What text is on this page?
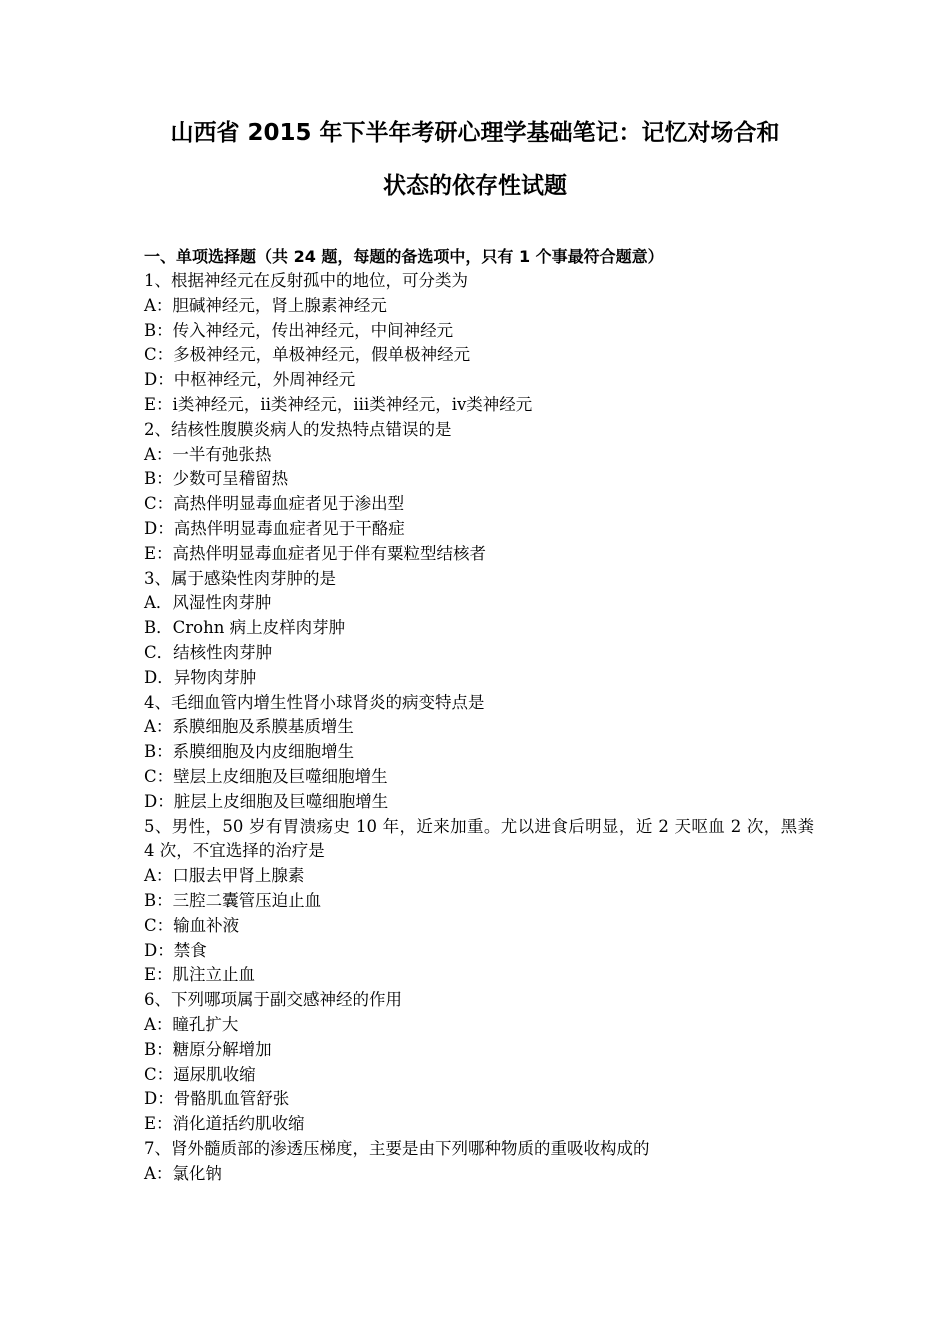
山西省 2015 年下半年考研心理学基础笔记：记忆对场合和
状态的依存性试题
一、单项选择题（共 24 题，每题的备选项中，只有 1 个事最符合题意）
1、根据神经元在反射孤中的地位，可分类为
A：胆碱神经元，肾上腺素神经元
B：传入神经元，传出神经元，中间神经元
C：多极神经元，单极神经元，假单极神经元
D：中枢神经元，外周神经元
E：ⅰ类神经元，ⅱ类神经元，ⅲ类神经元，ⅳ类神经元
2、结核性腹膜炎病人的发热特点错误的是
A：一半有弛张热
B：少数可呈稽留热
C：高热伴明显毒血症者见于渗出型
D：高热伴明显毒血症者见于干酪症
E：高热伴明显毒血症者见于伴有粟粒型结核者
3、属于感染性肉芽肿的是
A．风湿性肉芽肿
B．Crohn 病上皮样肉芽肿
C．结核性肉芽肿
D．异物肉芽肿
4、毛细血管内增生性肾小球肾炎的病变特点是
A：系膜细胞及系膜基质增生
B：系膜细胞及内皮细胞增生
C：壁层上皮细胞及巨噬细胞增生
D：脏层上皮细胞及巨噬细胞增生
5、男性，50 岁有胃溃疡史 10 年，近来加重。尤以进食后明显，近 2 天呕血 2 次，黑粪 4 次，不宜选择的治疗是
A：口服去甲肾上腺素
B：三腔二囊管压迫止血
C：输血补液
D：禁食
E：肌注立止血
6、下列哪项属于副交感神经的作用
A：瞳孔扩大
B：糖原分解增加
C：逼尿肌收缩
D：骨骼肌血管舒张
E：消化道括约肌收缩
7、肾外髓质部的渗透压梯度，主要是由下列哪种物质的重吸收构成的
A：氯化钠
